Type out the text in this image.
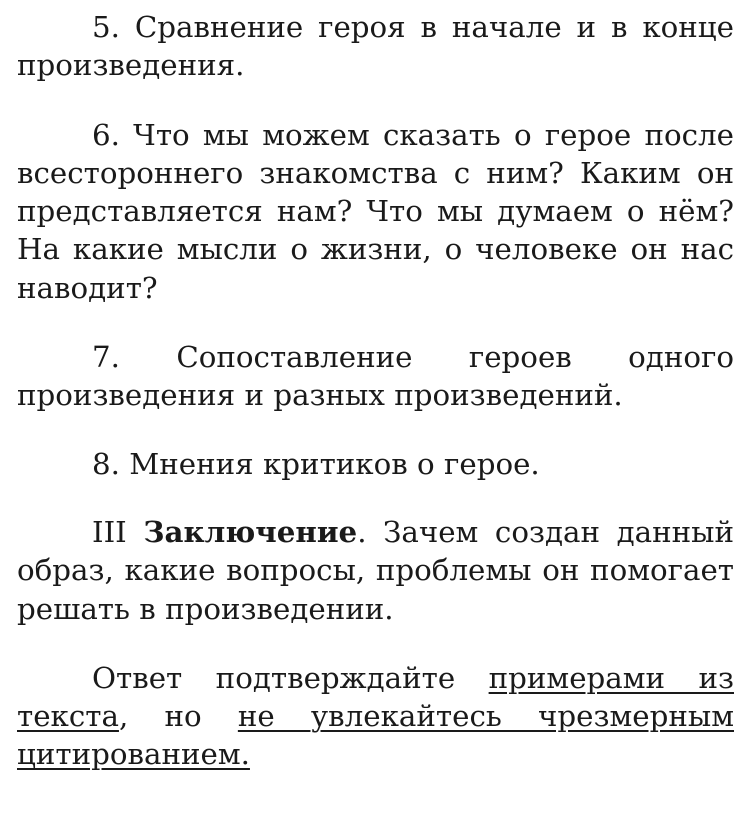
5. Сравнение героя в начале и в конце произведения.

6. Что мы можем сказать о герое после всестороннего знакомства с ним? Каким он представляется нам? Что мы думаем о нём? На какие мысли о жизни, о человеке он нас наводит?

7. Сопоставление героев одного произведения и разных произведений.

8. Мнения критиков о герое.

III Заключение. Зачем создан данный образ, какие вопросы, проблемы он помогает решать в произведении.

Ответ подтверждайте примерами из текста, но не увлекайтесь чрезмерным цитированием.
